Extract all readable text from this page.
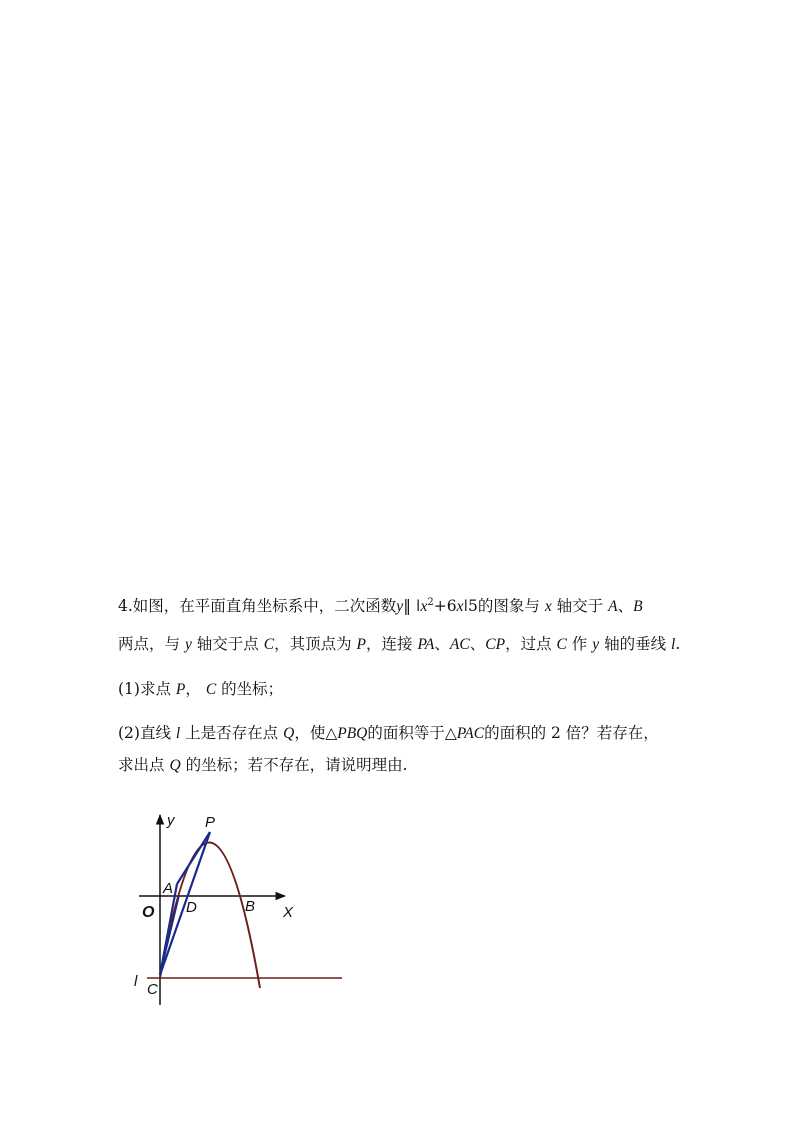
4.如图，在平面直角坐标系中，二次函数y‖ $ǀx^2+6xǀ5$的图象与 x 轴交于 A、B
两点，与 y 轴交于点 C，其顶点为 P，连接 PA、AC、CP，过点 C 作 y 轴的垂线 l.
(1)求点 P， C 的坐标；
(2)直线 l 上是否存在点 Q，使△PBQ的面积等于△PAC的面积的 2 倍？若存在，
求出点 Q 的坐标；若不存在，请说明理由.
y P
A
O D	B X
l C
